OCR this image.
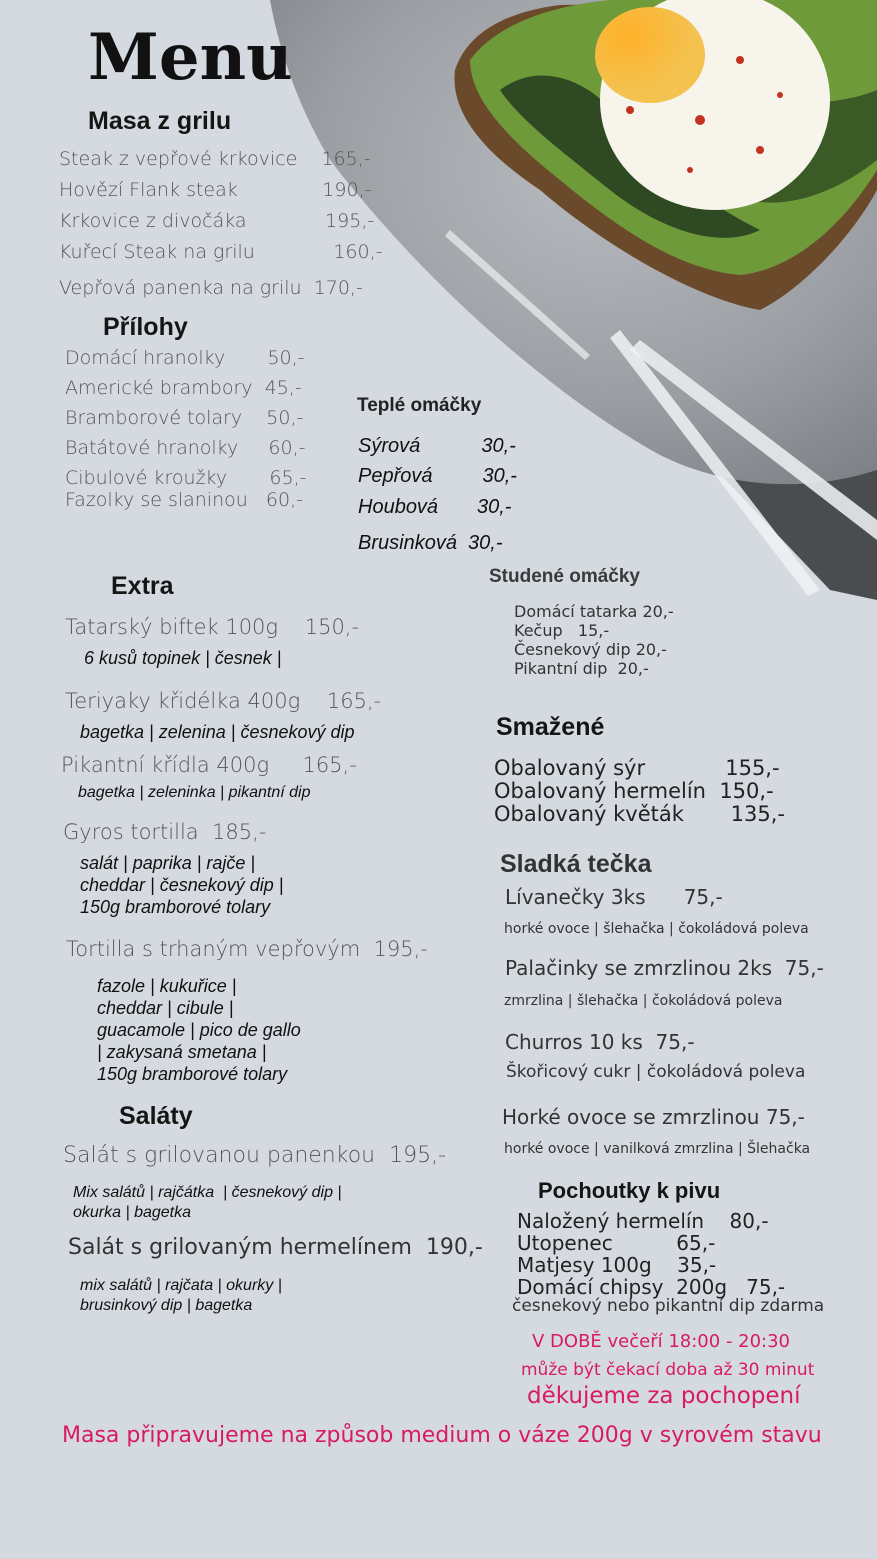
Menu
Masa z grilu
Steak z vepřové krkovice    165,-
Hovězí Flank steak              190,-
Krkovice z divočáka             195,-
Kuřecí Steak na grilu             160,-
Vepřová panenka na grilu  170,-
Přílohy
Domácí hranolky       50,-
Americké brambory  45,-
Bramborové tolary    50,-
Batátové hranolky     60,-
Cibulové kroužky       65,-
Fazolky se slaninou   60,-
Teplé omáčky
Sýrová           30,-
Pepřová         30,-
Houbová       30,-
Brusinková  30,-
Studené omáčky
Domácí tatarka 20,-
Kečup   15,-
Česnekový dip 20,-
Pikantní dip  20,-
Extra
Tatarský biftek 100g    150,-
6 kusů topinek | česnek |
Teriyaky křidélka 400g    165,-
bagetka | zelenina | česnekový dip
Pikantní křídla 400g     165,-
bagetka | zeleninka | pikantní dip
Gyros tortilla  185,-
salát | paprika | rajče |
cheddar | česnekový dip |
150g bramborové tolary
Tortilla s trhaným vepřovým  195,-
fazole | kukuřice |
cheddar | cibule |
guacamole | pico de gallo
| zakysaná smetana |
150g bramborové tolary
Smažené
Obalovaný sýr            155,-
Obalovaný hermelín  150,-
Obalovaný květák       135,-
Sladká tečka
Lívanečky 3ks      75,-
horké ovoce | šlehačka | čokoládová poleva
Palačinky se zmrzlinou 2ks  75,-
zmrzlina | šlehačka | čokoládová poleva
Churros 10 ks  75,-
Škořicový cukr | čokoládová poleva
Horké ovoce se zmrzlinou 75,-
horké ovoce | vanilková zmrzlina | Šlehačka
Saláty
Salát s grilovanou panenkou  195,-
Mix salátů | rajčátka  | česnekový dip |
okurka | bagetka
Salát s grilovaným hermelínem  190,-
mix salátů | rajčata | okurky |
brusinkový dip | bagetka
Pochoutky k pivu
Naložený hermelín    80,-
Utopenec          65,-
Matjesy 100g    35,-
Domácí chipsy  200g   75,-
česnekový nebo pikantní dip zdarma
V DOBĚ večeří 18:00 - 20:30
může být čekací doba až 30 minut
děkujeme za pochopení
Masa připravujeme na způsob medium o váze 200g v syrovém stavu
